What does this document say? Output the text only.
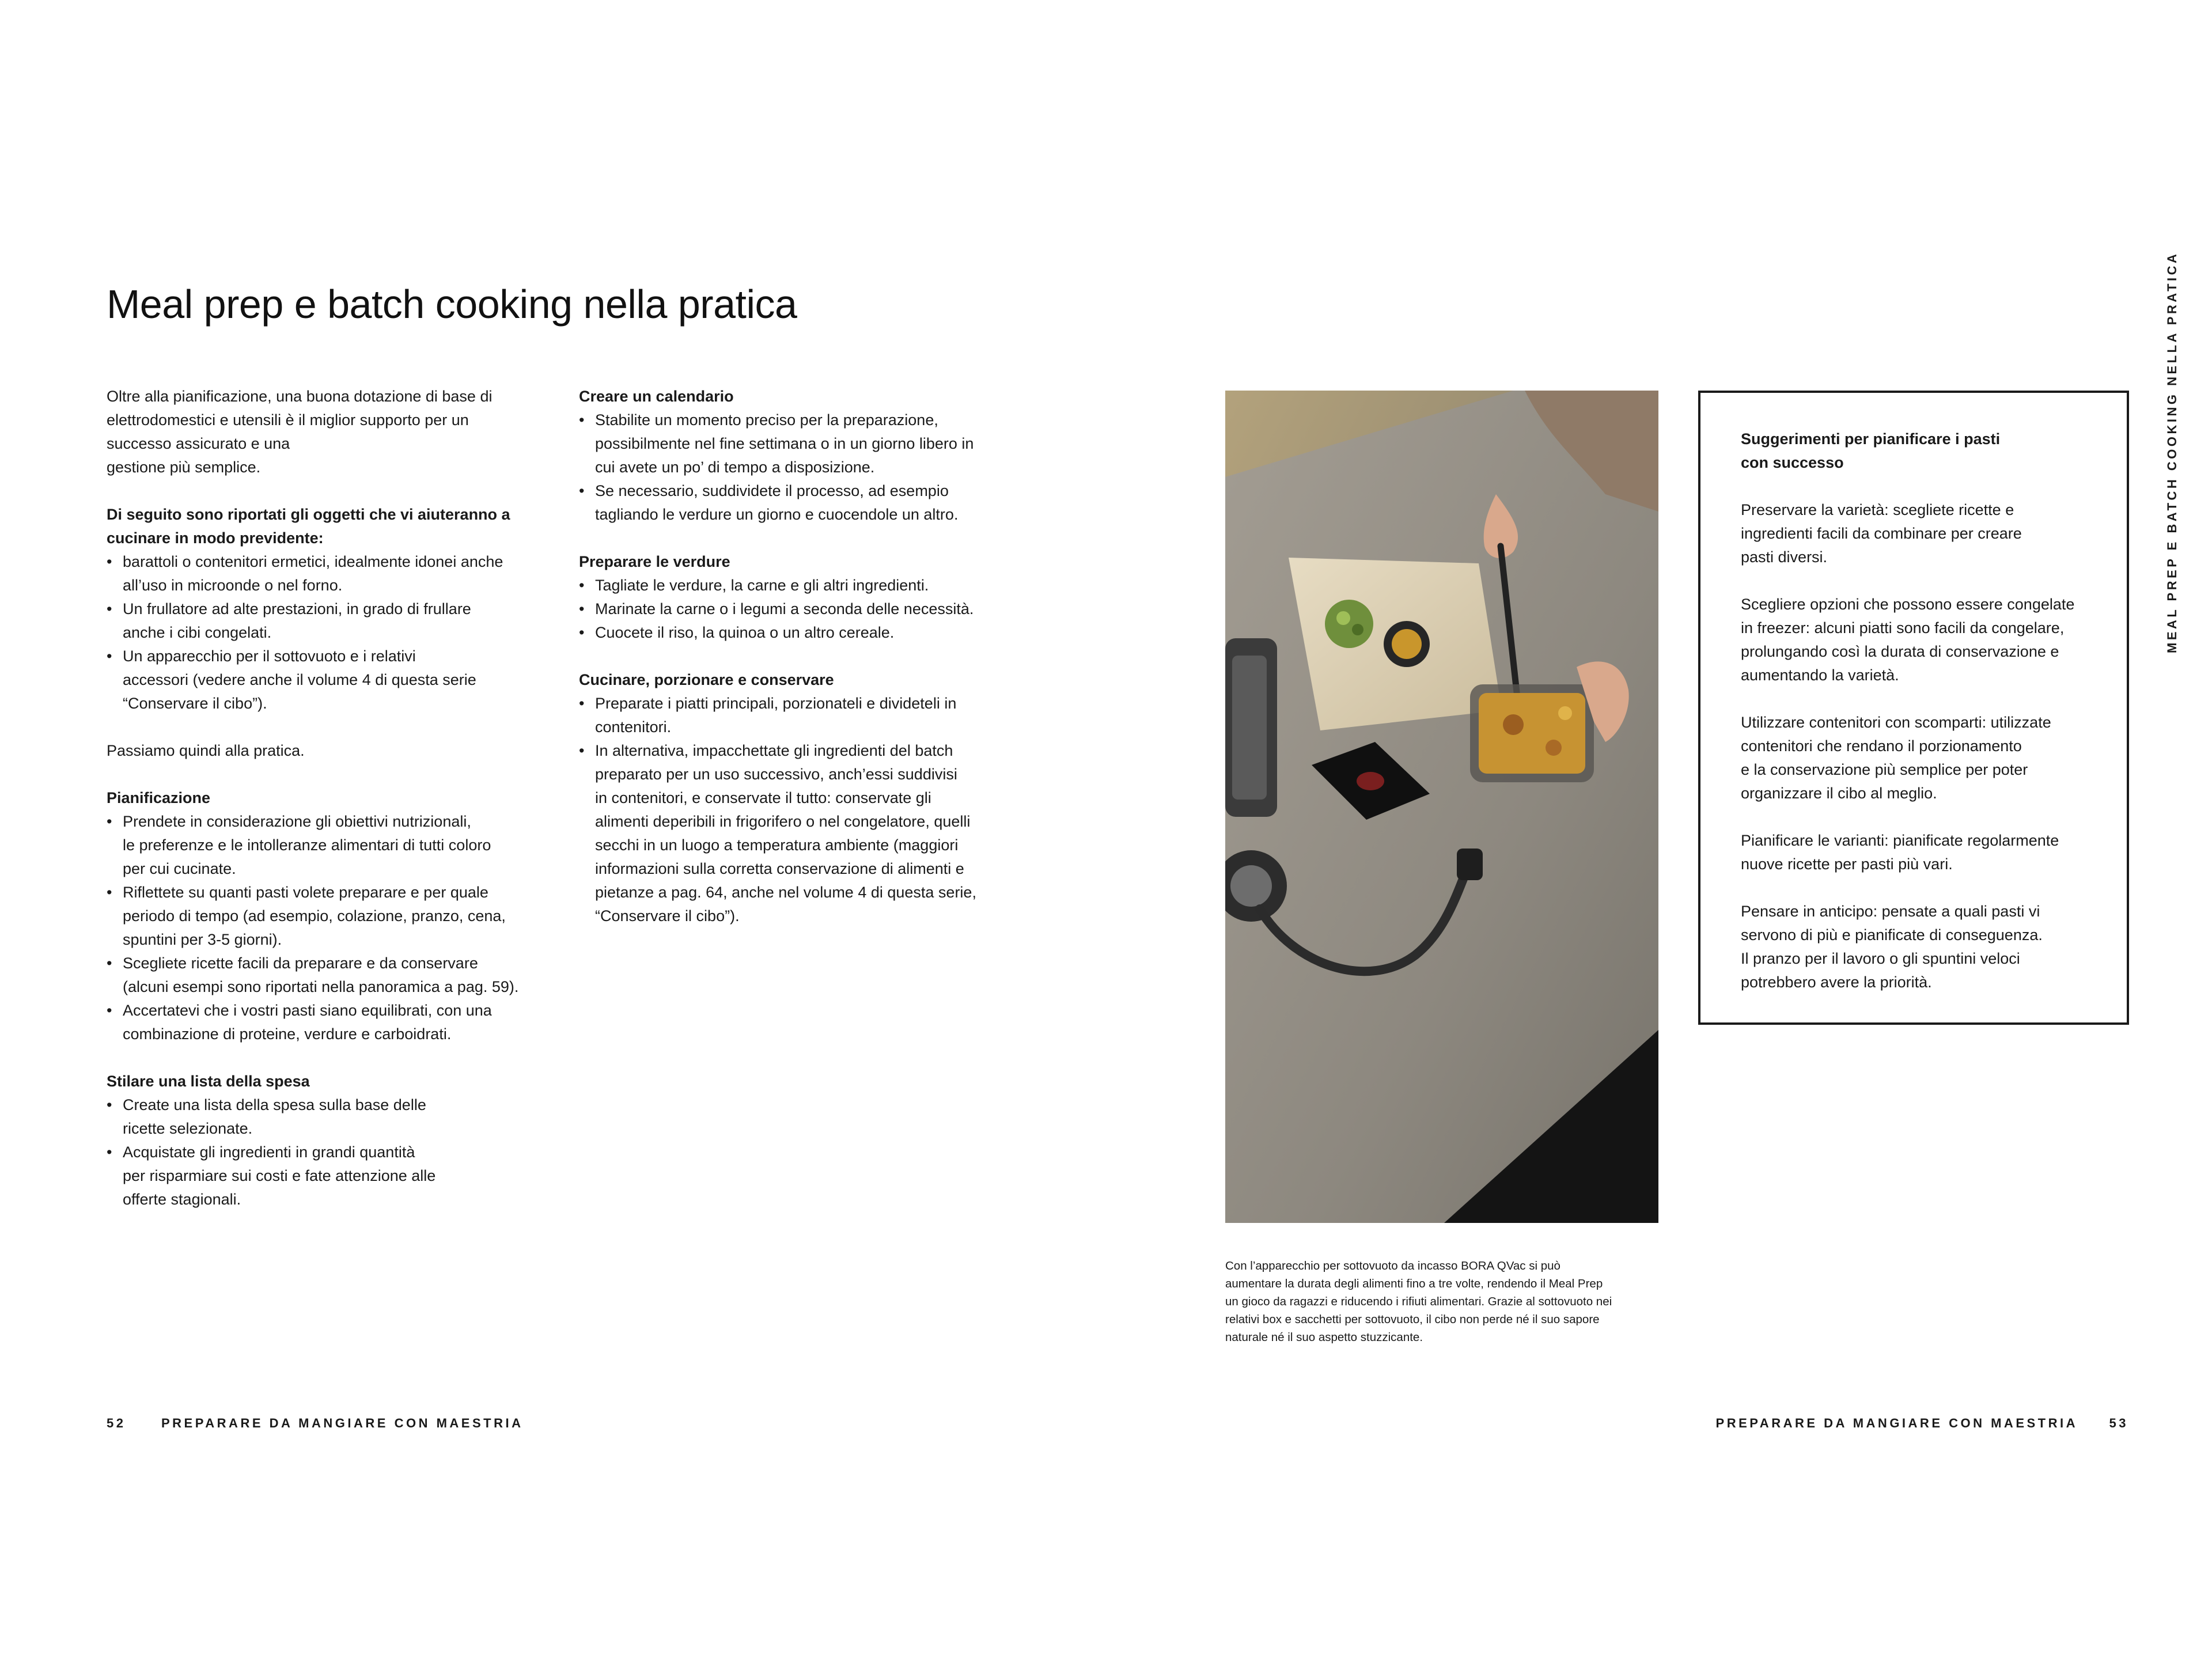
Meal prep e batch cooking nella pratica

Oltre alla pianificazione, una buona dotazione di base di

elettrodomestici e utensili è il miglior supporto per un

successo assicurato e una

gestione più semplice.

Di seguito sono riportati gli oggetti che vi aiuteranno a

cucinare in modo previdente:

• barattoli o contenitori ermetici, idealmente idonei anche

all’uso in microonde o nel forno.

• Un frullatore ad alte prestazioni, in grado di frullare

anche i cibi congelati.

• Un apparecchio per il sottovuoto e i relativi

accessori (vedere anche il volume 4 di questa serie

“Conservare il cibo”).

Passiamo quindi alla pratica.

Pianificazione

• Prendete in considerazione gli obiettivi nutrizionali,

le preferenze e le intolleranze alimentari di tutti coloro

per cui cucinate.

• Riflettete su quanti pasti volete preparare e per quale

periodo di tempo (ad esempio, colazione, pranzo, cena,

spuntini per 3-5 giorni).

• Scegliete ricette facili da preparare e da conservare

(alcuni esempi sono riportati nella panoramica a pag. 59).

• Accertatevi che i vostri pasti siano equilibrati, con una

combinazione di proteine, verdure e carboidrati.

Stilare una lista della spesa

• Create una lista della spesa sulla base delle

ricette selezionate.

• Acquistate gli ingredienti in grandi quantità

per risparmiare sui costi e fate attenzione alle

offerte stagionali.

Creare un calendario

• Stabilite un momento preciso per la preparazione,

possibilmente nel fine settimana o in un giorno libero in

cui avete un po’ di tempo a disposizione.

• Se necessario, suddividete il processo, ad esempio

tagliando le verdure un giorno e cuocendole un altro.

Preparare le verdure

• Tagliate le verdure, la carne e gli altri ingredienti.

• Marinate la carne o i legumi a seconda delle necessità.

• Cuocete il riso, la quinoa o un altro cereale.

Cucinare, porzionare e conservare

• Preparate i piatti principali, porzionateli e divideteli in

contenitori.

• In alternativa, impacchettate gli ingredienti del batch

preparato per un uso successivo, anch’essi suddivisi

in contenitori, e conservate il tutto: conservate gli

alimenti deperibili in frigorifero o nel congelatore, quelli

secchi in un luogo a temperatura ambiente (maggiori

informazioni sulla corretta conservazione di alimenti e

pietanze a pag. 64, anche nel volume 4 di questa serie,

“Conservare il cibo”).

Con l’apparecchio per sottovuoto da incasso BORA QVac si può
aumentare la durata degli alimenti fino a tre volte, rendendo il Meal Prep
un gioco da ragazzi e riducendo i rifiuti alimentari. Grazie al sottovuoto nei
relativi box e sacchetti per sottovuoto, il cibo non perde né il suo sapore
naturale né il suo aspetto stuzzicante.

Suggerimenti per pianificare i pasti

con successo

Preservare la varietà: scegliete ricette e

ingredienti facili da combinare per creare

pasti diversi.

Scegliere opzioni che possono essere congelate

in freezer: alcuni piatti sono facili da congelare,

prolungando così la durata di conservazione e

aumentando la varietà.

Utilizzare contenitori con scomparti: utilizzate

contenitori che rendano il porzionamento

e la conservazione più semplice per poter

organizzare il cibo al meglio.

Pianificare le varianti: pianificate regolarmente

nuove ricette per pasti più vari.

Pensare in anticipo: pensate a quali pasti vi

servono di più e pianificate di conseguenza.

Il pranzo per il lavoro o gli spuntini veloci

potrebbero avere la priorità.

MEAL PREP E BATCH COOKING NELLA PRATICA
52	PREPARARE DA MANGIARE CON MAESTRIA	PREPARARE DA MANGIARE CON MAESTRIA 53
